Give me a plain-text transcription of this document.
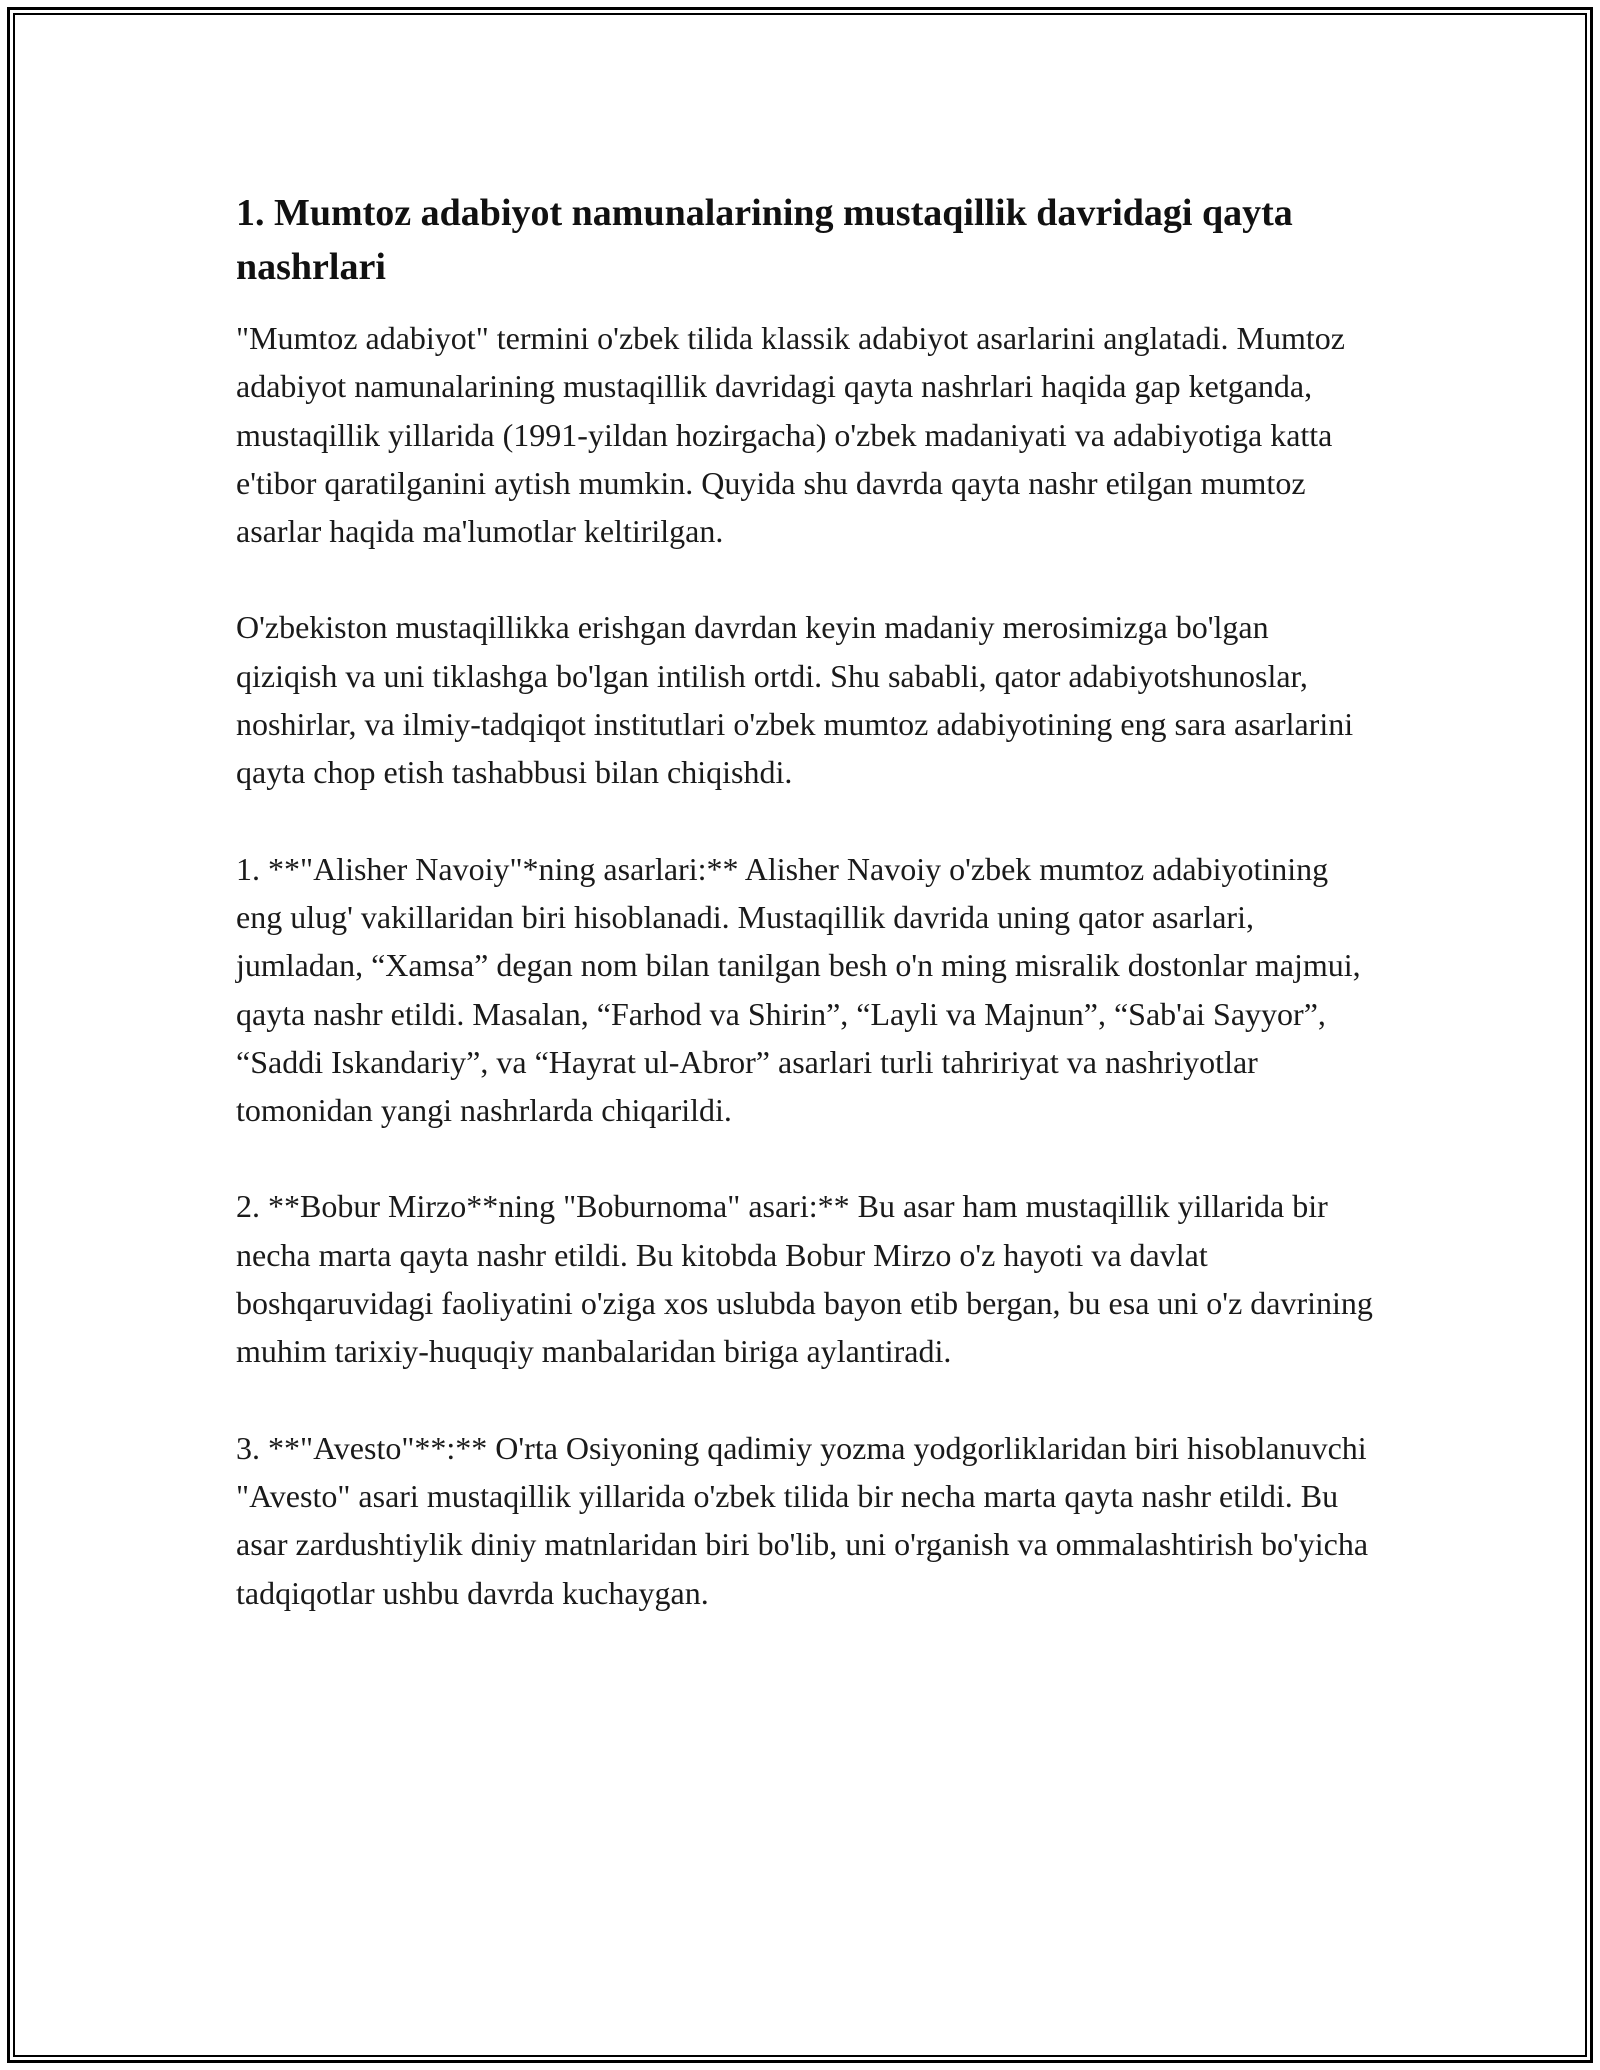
1. Mumtoz adabiyot namunalarining mustaqillik davridagi qayta nashrlari

"Mumtoz adabiyot" termini o'zbek tilida klassik adabiyot asarlarini anglatadi. Mumtoz adabiyot namunalarining mustaqillik davridagi qayta nashrlari haqida gap ketganda, mustaqillik yillarida (1991-yildan hozirgacha) o'zbek madaniyati va adabiyotiga katta e'tibor qaratilganini aytish mumkin. Quyida shu davrda qayta nashr etilgan mumtoz asarlar haqida ma'lumotlar keltirilgan.

O'zbekiston mustaqillikka erishgan davrdan keyin madaniy merosimizga bo'lgan qiziqish va uni tiklashga bo'lgan intilish ortdi. Shu sababli, qator adabiyotshunoslar, noshirlar, va ilmiy-tadqiqot institutlari o'zbek mumtoz adabiyotining eng sara asarlarini qayta chop etish tashabbusi bilan chiqishdi.

1. **"Alisher Navoiy"*ning asarlari:** Alisher Navoiy o'zbek mumtoz adabiyotining eng ulug' vakillaridan biri hisoblanadi. Mustaqillik davrida uning qator asarlari, jumladan, “Xamsa” degan nom bilan tanilgan besh o'n ming misralik dostonlar majmui, qayta nashr etildi. Masalan, “Farhod va Shirin”, “Layli va Majnun”, “Sab'ai Sayyor”, “Saddi Iskandariy”, va “Hayrat ul-Abror” asarlari turli tahririyat va nashriyotlar tomonidan yangi nashrlarda chiqarildi.

2. **Bobur Mirzo**ning "Boburnoma" asari:** Bu asar ham mustaqillik yillarida bir necha marta qayta nashr etildi. Bu kitobda Bobur Mirzo o'z hayoti va davlat boshqaruvidagi faoliyatini o'ziga xos uslubda bayon etib bergan, bu esa uni o'z davrining muhim tarixiy-huquqiy manbalaridan biriga aylantiradi.

3. **"Avesto"**:** O'rta Osiyoning qadimiy yozma yodgorliklaridan biri hisoblanuvchi "Avesto" asari mustaqillik yillarida o'zbek tilida bir necha marta qayta nashr etildi. Bu asar zardushtiylik diniy matnlaridan biri bo'lib, uni o'rganish va ommalashtirish bo'yicha tadqiqotlar ushbu davrda kuchaygan.
